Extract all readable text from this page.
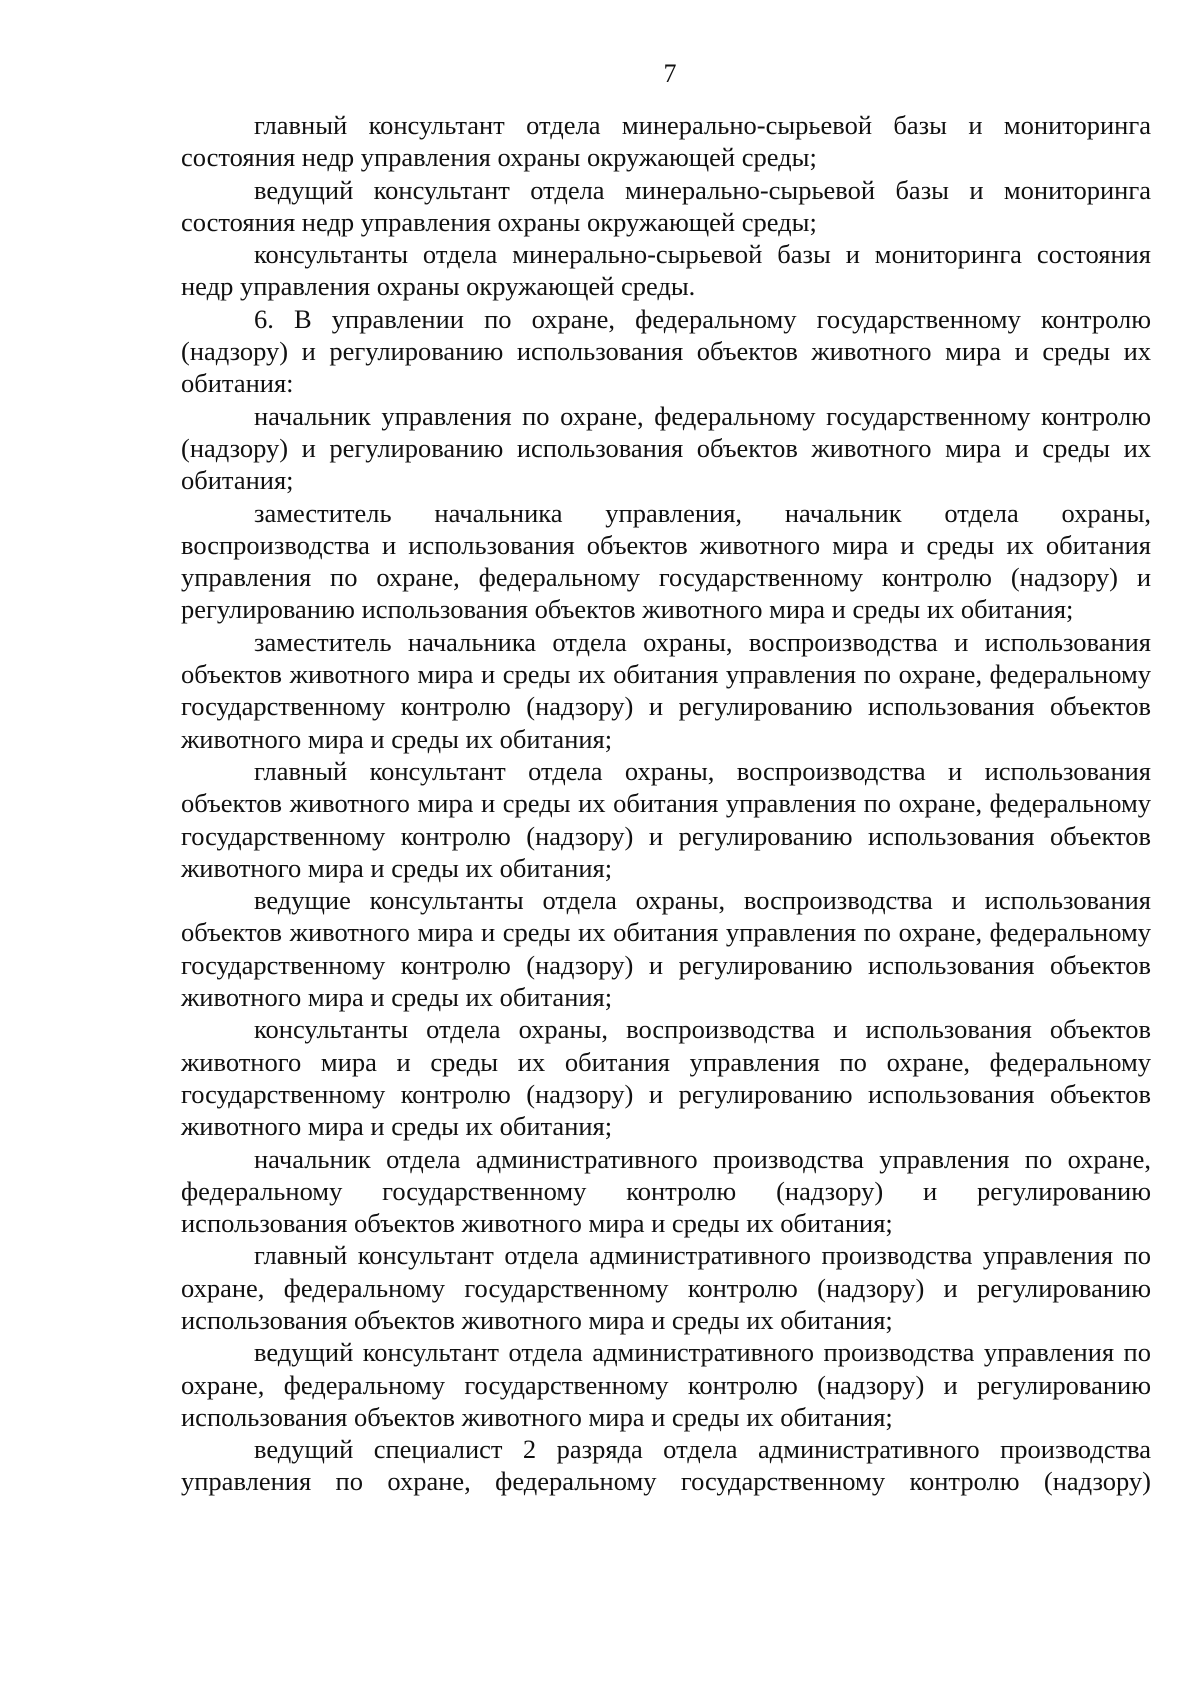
7

главный консультант отдела минерально-сырьевой базы и мониторинга состояния недр управления охраны окружающей среды;

ведущий консультант отдела минерально-сырьевой базы и мониторинга состояния недр управления охраны окружающей среды;

консультанты отдела минерально-сырьевой базы и мониторинга состояния недр управления охраны окружающей среды.

6. В управлении по охране, федеральному государственному контролю (надзору) и регулированию использования объектов животного мира и среды их обитания:

начальник управления по охране, федеральному государственному контролю (надзору) и регулированию использования объектов животного мира и среды их обитания;

заместитель начальника управления, начальник отдела охраны, воспроизводства и использования объектов животного мира и среды их обитания управления по охране, федеральному государственному контролю (надзору) и регулированию использования объектов животного мира и среды их обитания;

заместитель начальника отдела охраны, воспроизводства и использования объектов животного мира и среды их обитания управления по охране, федеральному государственному контролю (надзору) и регулированию использования объектов животного мира и среды их обитания;

главный консультант отдела охраны, воспроизводства и использования объектов животного мира и среды их обитания управления по охране, федеральному государственному контролю (надзору) и регулированию использования объектов животного мира и среды их обитания;

ведущие консультанты отдела охраны, воспроизводства и использования объектов животного мира и среды их обитания управления по охране, федеральному государственному контролю (надзору) и регулированию использования объектов животного мира и среды их обитания;

консультанты отдела охраны, воспроизводства и использования объектов животного мира и среды их обитания управления по охране, федеральному государственному контролю (надзору) и регулированию использования объектов животного мира и среды их обитания;

начальник отдела административного производства управления по охране, федеральному государственному контролю (надзору) и регулированию использования объектов животного мира и среды их обитания;

главный консультант отдела административного производства управления по охране, федеральному государственному контролю (надзору) и регулированию использования объектов животного мира и среды их обитания;

ведущий консультант отдела административного производства управления по охране, федеральному государственному контролю (надзору) и регулированию использования объектов животного мира и среды их обитания;

ведущий специалист 2 разряда отдела административного производства управления по охране, федеральному государственному контролю (надзору)
